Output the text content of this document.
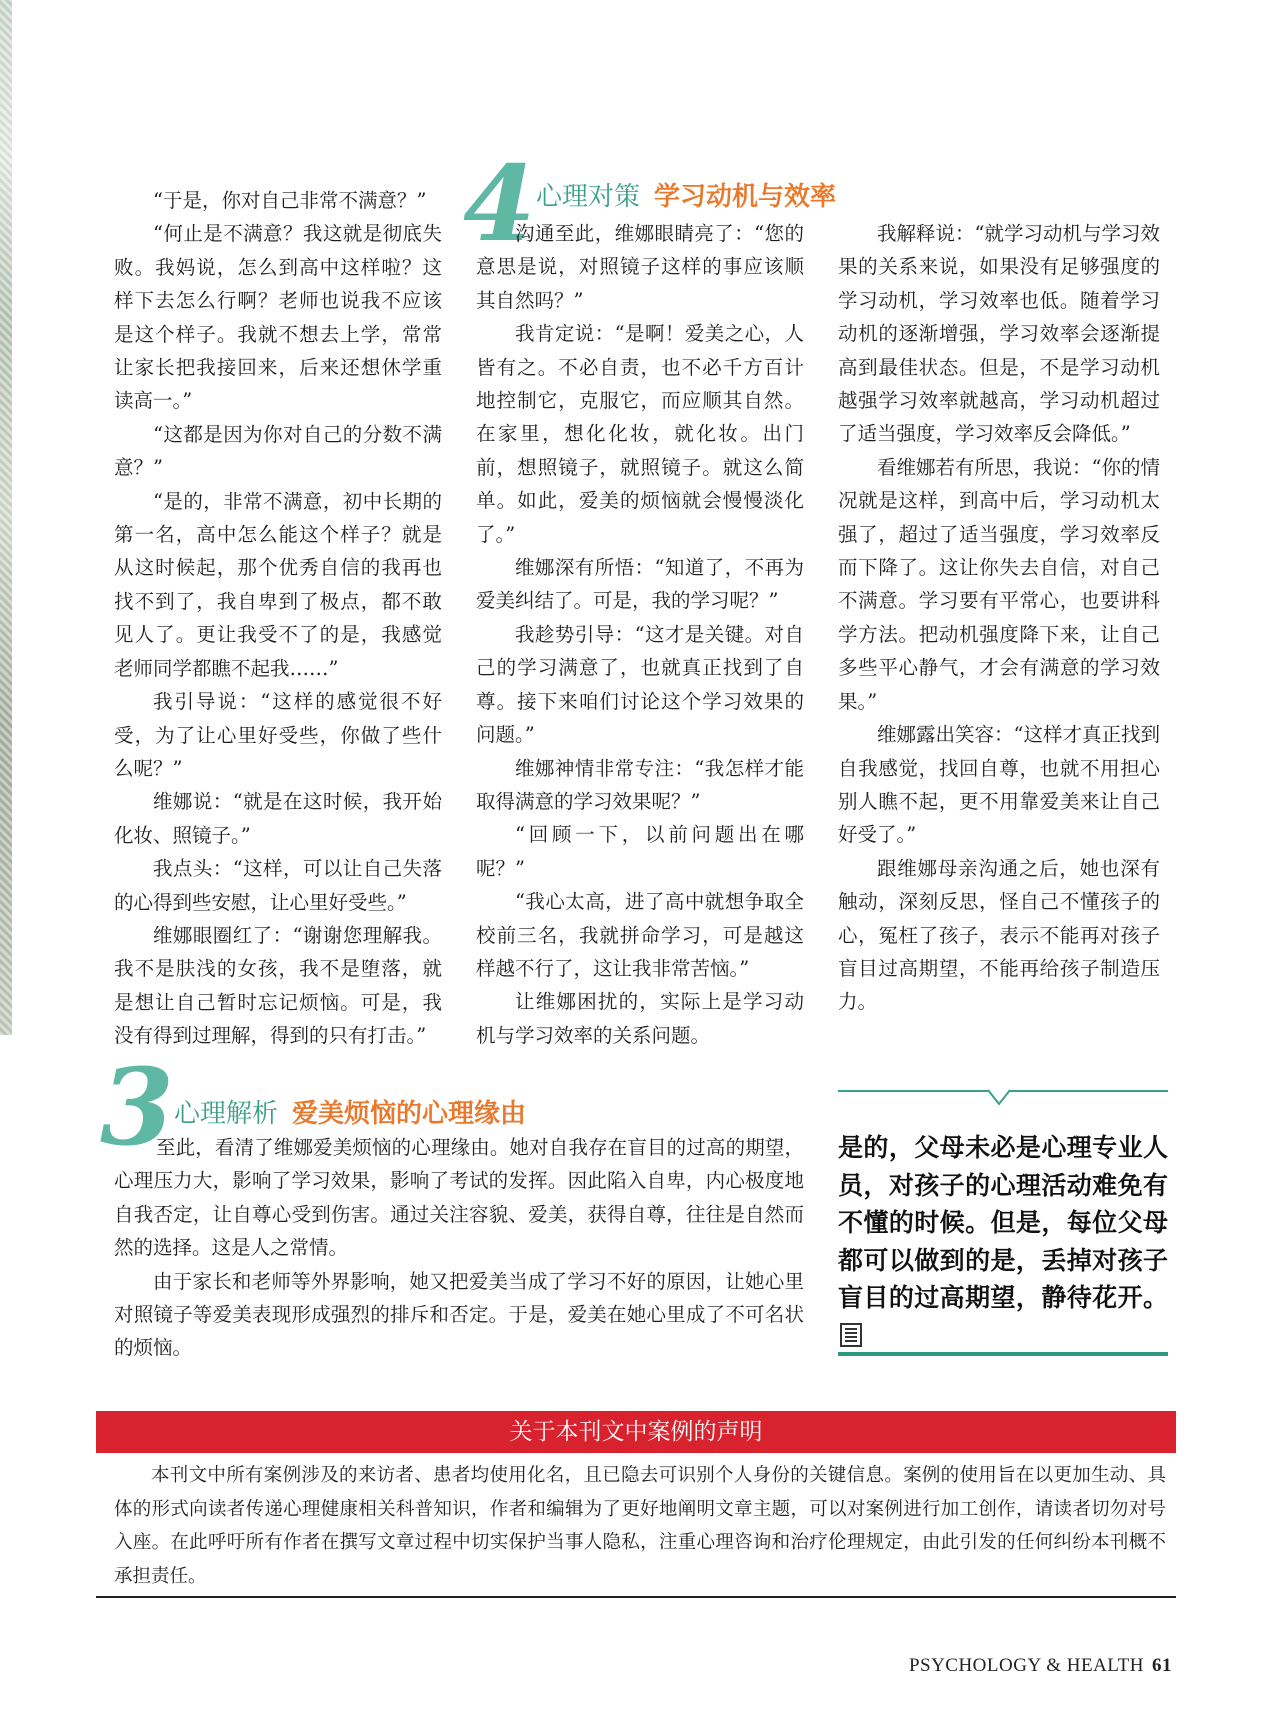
“于是，你对自己非常不满意？”

“何止是不满意？我这就是彻底失败。我妈说，怎么到高中这样啦？这样下去怎么行啊？老师也说我不应该是这个样子。我就不想去上学，常常让家长把我接回来，后来还想休学重读高一。”

“这都是因为你对自己的分数不满意？”

“是的，非常不满意，初中长期的第一名，高中怎么能这个样子？就是从这时候起，那个优秀自信的我再也找不到了，我自卑到了极点，都不敢见人了。更让我受不了的是，我感觉老师同学都瞧不起我……”

我引导说：“这样的感觉很不好受，为了让心里好受些，你做了些什么呢？”

维娜说：“就是在这时候，我开始化妆、照镜子。”

我点头：“这样，可以让自己失落的心得到些安慰，让心里好受些。”

维娜眼圈红了：“谢谢您理解我。我不是肤浅的女孩，我不是堕落，就是想让自己暂时忘记烦恼。可是，我没有得到过理解，得到的只有打击。”

4 心理对策 学习动机与效率

沟通至此，维娜眼睛亮了：“您的意思是说，对照镜子这样的事应该顺其自然吗？”

我肯定说：“是啊！爱美之心，人皆有之。不必自责，也不必千方百计地控制它，克服它，而应顺其自然。在家里，想化化妆，就化妆。出门前，想照镜子，就照镜子。就这么简单。如此，爱美的烦恼就会慢慢淡化了。”

维娜深有所悟：“知道了，不再为爱美纠结了。可是，我的学习呢？”

我趁势引导：“这才是关键。对自己的学习满意了，也就真正找到了自尊。接下来咱们讨论这个学习效果的问题。”

维娜神情非常专注：“我怎样才能取得满意的学习效果呢？”

“回顾一下，以前问题出在哪呢？”

“我心太高，进了高中就想争取全校前三名，我就拼命学习，可是越这样越不行了，这让我非常苦恼。”

让维娜困扰的，实际上是学习动机与学习效率的关系问题。

我解释说：“就学习动机与学习效果的关系来说，如果没有足够强度的学习动机，学习效率也低。随着学习动机的逐渐增强，学习效率会逐渐提高到最佳状态。但是，不是学习动机越强学习效率就越高，学习动机超过了适当强度，学习效率反会降低。”

看维娜若有所思，我说：“你的情况就是这样，到高中后，学习动机太强了，超过了适当强度，学习效率反而下降了。这让你失去自信，对自己不满意。学习要有平常心，也要讲科学方法。把动机强度降下来，让自己多些平心静气，才会有满意的学习效果。”

维娜露出笑容：“这样才真正找到自我感觉，找回自尊，也就不用担心别人瞧不起，更不用靠爱美来让自己好受了。”

跟维娜母亲沟通之后，她也深有触动，深刻反思，怪自己不懂孩子的心，冤枉了孩子，表示不能再对孩子盲目过高期望，不能再给孩子制造压力。

3 心理解析 爱美烦恼的心理缘由

至此，看清了维娜爱美烦恼的心理缘由。她对自我存在盲目的过高的期望，心理压力大，影响了学习效果，影响了考试的发挥。因此陷入自卑，内心极度地自我否定，让自尊心受到伤害。通过关注容貌、爱美，获得自尊，往往是自然而然的选择。这是人之常情。

由于家长和老师等外界影响，她又把爱美当成了学习不好的原因，让她心里对照镜子等爱美表现形成强烈的排斥和否定。于是，爱美在她心里成了不可名状的烦恼。

是的，父母未必是心理专业人员，对孩子的心理活动难免有不懂的时候。但是，每位父母都可以做到的是，丢掉对孩子盲目的过高期望，静待花开。
关于本刊文中案例的声明

本刊文中所有案例涉及的来访者、患者均使用化名，且已隐去可识别个人身份的关键信息。案例的使用旨在以更加生动、具体的形式向读者传递心理健康相关科普知识，作者和编辑为了更好地阐明文章主题，可以对案例进行加工创作，请读者切勿对号入座。在此呼吁所有作者在撰写文章过程中切实保护当事人隐私，注重心理咨询和治疗伦理规定，由此引发的任何纠纷本刊概不承担责任。

PSYCHOLOGY & HEALTH 61
